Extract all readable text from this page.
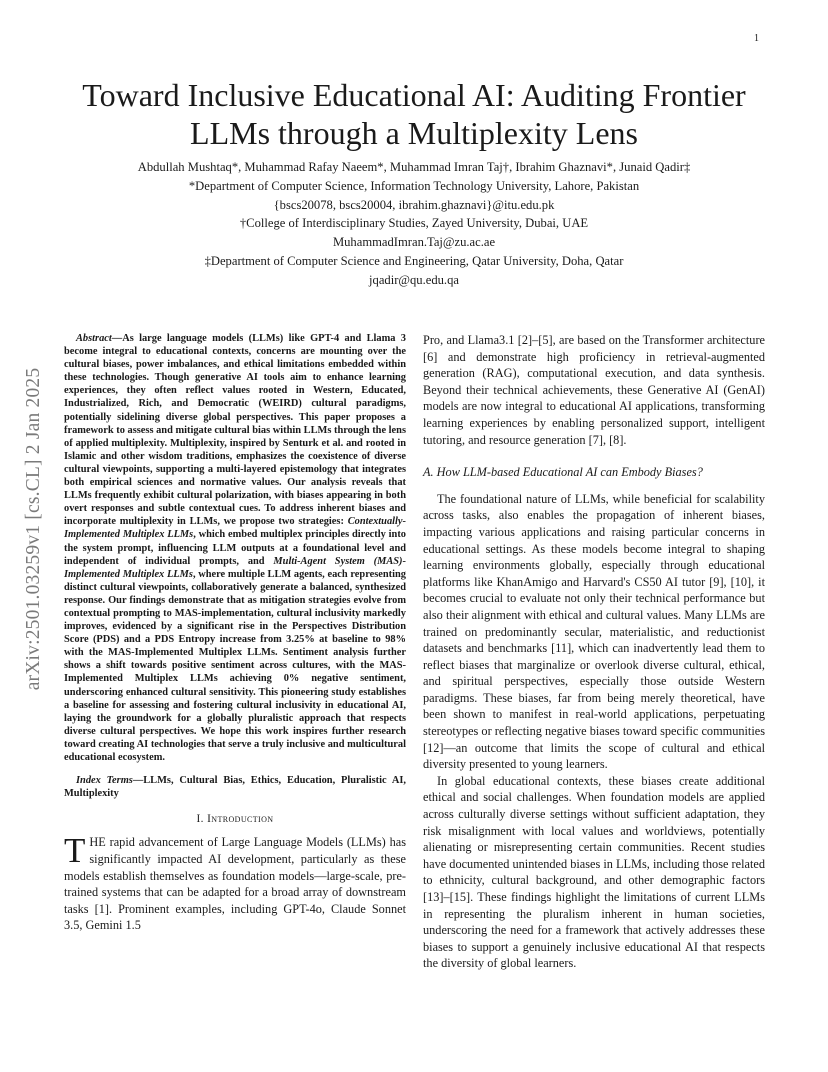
1
arXiv:2501.03259v1 [cs.CL] 2 Jan 2025
Toward Inclusive Educational AI: Auditing Frontier LLMs through a Multiplexity Lens
Abdullah Mushtaq*, Muhammad Rafay Naeem*, Muhammad Imran Taj†, Ibrahim Ghaznavi*, Junaid Qadir‡
*Department of Computer Science, Information Technology University, Lahore, Pakistan
{bscs20078, bscs20004, ibrahim.ghaznavi}@itu.edu.pk
†College of Interdisciplinary Studies, Zayed University, Dubai, UAE
MuhammadImran.Taj@zu.ac.ae
‡Department of Computer Science and Engineering, Qatar University, Doha, Qatar
jqadir@qu.edu.qa

Abstract—As large language models (LLMs) like GPT-4 and Llama 3 become integral to educational contexts, concerns are mounting over the cultural biases, power imbalances, and ethical limitations embedded within these technologies. Though generative AI tools aim to enhance learning experiences, they often reflect values rooted in Western, Educated, Industrialized, Rich, and Democratic (WEIRD) cultural paradigms, potentially sidelining diverse global perspectives. This paper proposes a framework to assess and mitigate cultural bias within LLMs through the lens of applied multiplexity. Multiplexity, inspired by Senturk et al. and rooted in Islamic and other wisdom traditions, emphasizes the coexistence of diverse cultural viewpoints, supporting a multi-layered epistemology that integrates both empirical sciences and normative values. Our analysis reveals that LLMs frequently exhibit cultural polarization, with biases appearing in both overt responses and subtle contextual cues. To address inherent biases and incorporate multiplexity in LLMs, we propose two strategies: Contextually-Implemented Multiplex LLMs, which embed multiplex principles directly into the system prompt, influencing LLM outputs at a foundational level and independent of individual prompts, and Multi-Agent System (MAS)-Implemented Multiplex LLMs, where multiple LLM agents, each representing distinct cultural viewpoints, collaboratively generate a balanced, synthesized response. Our findings demonstrate that as mitigation strategies evolve from contextual prompting to MAS-implementation, cultural inclusivity markedly improves, evidenced by a significant rise in the Perspectives Distribution Score (PDS) and a PDS Entropy increase from 3.25% at baseline to 98% with the MAS-Implemented Multiplex LLMs. Sentiment analysis further shows a shift towards positive sentiment across cultures, with the MAS-Implemented Multiplex LLMs achieving 0% negative sentiment, underscoring enhanced cultural sensitivity. This pioneering study establishes a baseline for assessing and fostering cultural inclusivity in educational AI, laying the groundwork for a globally pluralistic approach that respects diverse cultural perspectives. We hope this work inspires further research toward creating AI technologies that serve a truly inclusive and multicultural educational ecosystem.

Index Terms—LLMs, Cultural Bias, Ethics, Education, Pluralistic AI, Multiplexity

I. Introduction

THE rapid advancement of Large Language Models (LLMs) has significantly impacted AI development, particularly as these models establish themselves as foundation models—large-scale, pre-trained systems that can be adapted for a broad array of downstream tasks [1]. Prominent examples, including GPT-4o, Claude Sonnet 3.5, Gemini 1.5

Pro, and Llama3.1 [2]–[5], are based on the Transformer architecture [6] and demonstrate high proficiency in retrieval-augmented generation (RAG), computational execution, and data synthesis. Beyond their technical achievements, these Generative AI (GenAI) models are now integral to educational AI applications, transforming learning experiences by enabling personalized support, intelligent tutoring, and resource generation [7], [8].

A. How LLM-based Educational AI can Embody Biases?

The foundational nature of LLMs, while beneficial for scalability across tasks, also enables the propagation of inherent biases, impacting various applications and raising particular concerns in educational settings. As these models become integral to shaping learning environments globally, especially through educational platforms like KhanAmigo and Harvard's CS50 AI tutor [9], [10], it becomes crucial to evaluate not only their technical performance but also their alignment with ethical and cultural values. Many LLMs are trained on predominantly secular, materialistic, and reductionist datasets and benchmarks [11], which can inadvertently lead them to reflect biases that marginalize or overlook diverse cultural, ethical, and spiritual perspectives, especially those outside Western paradigms. These biases, far from being merely theoretical, have been shown to manifest in real-world applications, perpetuating stereotypes or reflecting negative biases toward specific communities [12]—an outcome that limits the scope of cultural and ethical diversity presented to young learners.

In global educational contexts, these biases create additional ethical and social challenges. When foundation models are applied across culturally diverse settings without sufficient adaptation, they risk misalignment with local values and worldviews, potentially alienating or misrepresenting certain communities. Recent studies have documented unintended biases in LLMs, including those related to ethnicity, cultural background, and other demographic factors [13]–[15]. These findings highlight the limitations of current LLMs in representing the pluralism inherent in human societies, underscoring the need for a framework that actively addresses these biases to support a genuinely inclusive educational AI that respects the diversity of global learners.
